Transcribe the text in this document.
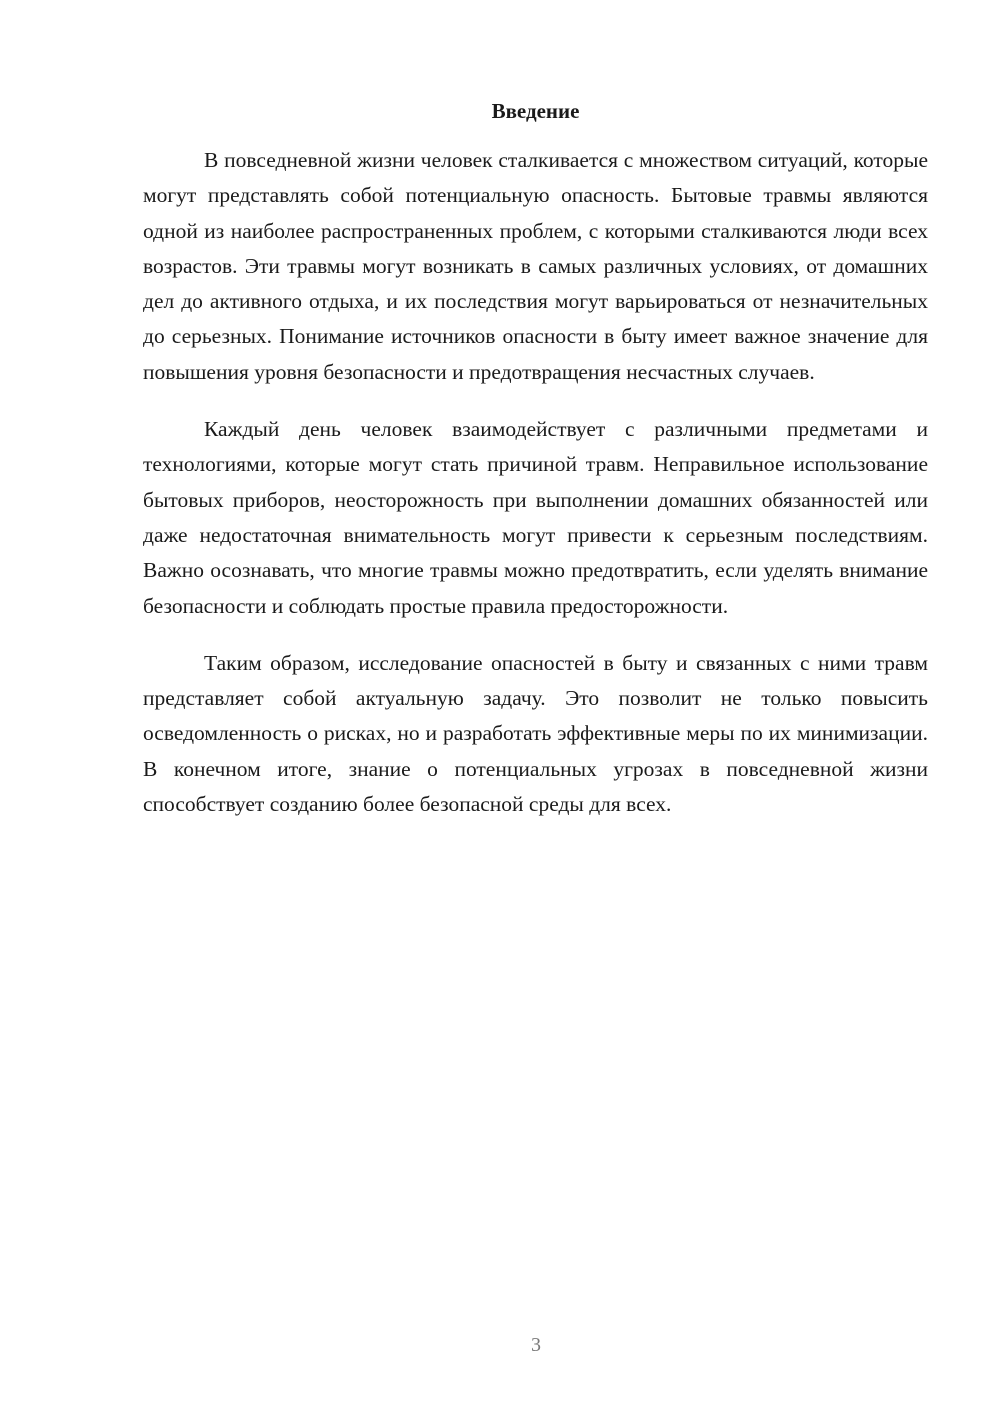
Введение

В повседневной жизни человек сталкивается с множеством ситуаций, которые могут представлять собой потенциальную опасность. Бытовые травмы являются одной из наиболее распространенных проблем, с которыми сталкиваются люди всех возрастов. Эти травмы могут возникать в самых различных условиях, от домашних дел до активного отдыха, и их последствия могут варьироваться от незначительных до серьезных. Понимание источников опасности в быту имеет важное значение для повышения уровня безопасности и предотвращения несчастных случаев.

Каждый день человек взаимодействует с различными предметами и технологиями, которые могут стать причиной травм. Неправильное использование бытовых приборов, неосторожность при выполнении домашних обязанностей или даже недостаточная внимательность могут привести к серьезным последствиям. Важно осознавать, что многие травмы можно предотвратить, если уделять внимание безопасности и соблюдать простые правила предосторожности.

Таким образом, исследование опасностей в быту и связанных с ними травм представляет собой актуальную задачу. Это позволит не только повысить осведомленность о рисках, но и разработать эффективные меры по их минимизации. В конечном итоге, знание о потенциальных угрозах в повседневной жизни способствует созданию более безопасной среды для всех.

3
